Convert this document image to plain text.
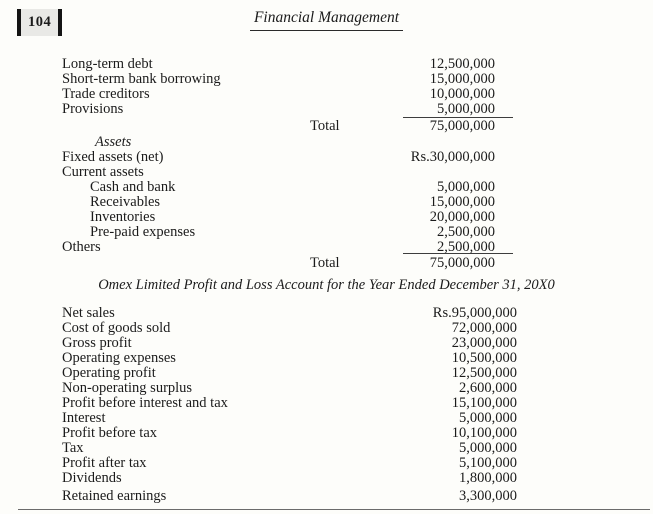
104	Financial Management
Long-term debt	12,500,000
Short-term bank borrowing	15,000,000
Trade creditors	10,000,000
Provisions	5,000,000
Total	75,000,000
Assets
Fixed assets (net)	Rs.30,000,000
Current assets
Cash and bank	5,000,000
Receivables	15,000,000
Inventories	20,000,000
Pre-paid expenses	2,500,000
Others	2,500,000
Total	75,000,000
Omex Limited Profit and Loss Account for the Year Ended December 31, 20X0
Net sales	Rs.95,000,000
Cost of goods sold	72,000,000
Gross profit	23,000,000
Operating expenses	10,500,000
Operating profit	12,500,000
Non-operating surplus	2,600,000
Profit before interest and tax	15,100,000
Interest	5,000,000
Profit before tax	10,100,000
Tax	5,000,000
Profit after tax	5,100,000
Dividends	1,800,000
Retained earnings	3,300,000
